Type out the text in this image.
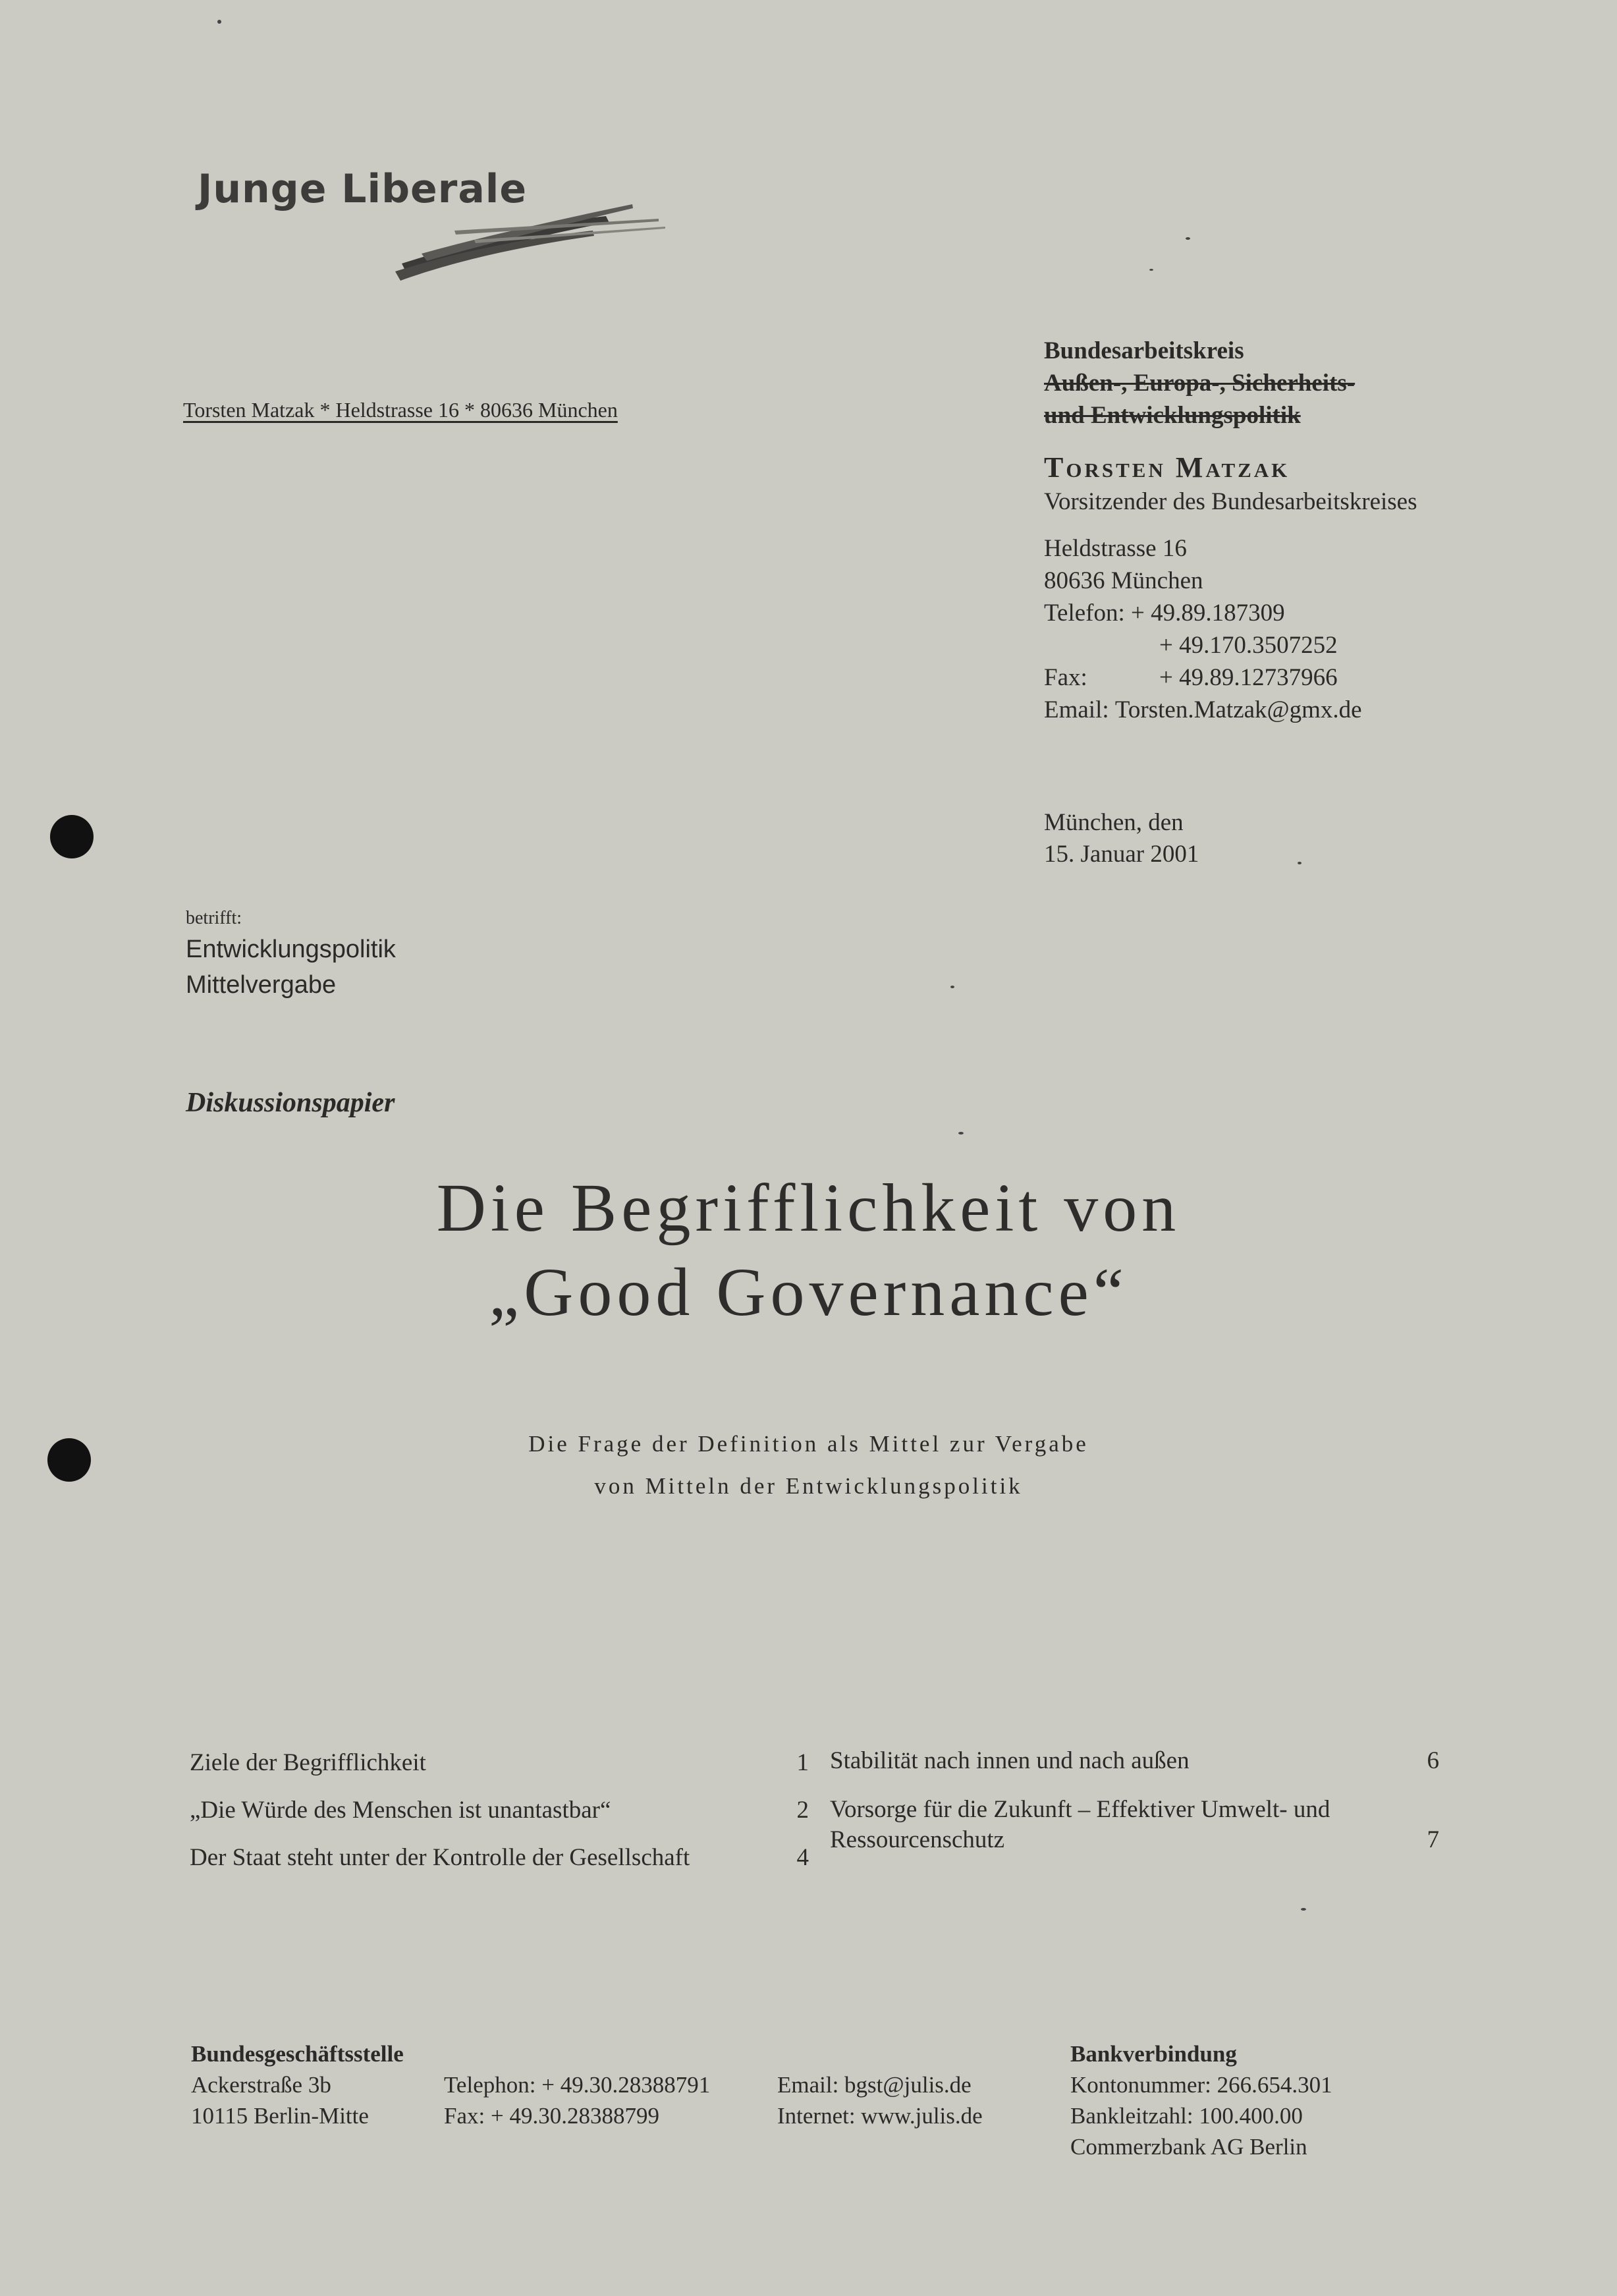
Junge Liberale
Torsten Matzak * Heldstrasse 16 * 80636 München
Bundesarbeitskreis
Außen-, Europa-, Sicherheits-
und Entwicklungspolitik
Torsten Matzak
Vorsitzender des Bundesarbeitskreises
Heldstrasse 16
80636 München
Telefon:
+ 49.89.187309
+ 49.170.3507252
Fax:	+ 49.89.12737966
Email:
Torsten.Matzak@gmx.de
München, den
15. Januar 2001
betrifft:
Entwicklungspolitik
Mittelvergabe
Diskussionspapier
Die Begrifflichkeit von
„Good Governance“
Die Frage der Definition als Mittel zur Vergabe
von Mitteln der Entwicklungspolitik
Ziele der Begrifflichkeit	1
„Die Würde des Menschen ist unantastbar“	2
Der Staat steht unter der Kontrolle der Gesellschaft	4
Stabilität nach innen und nach außen	6
Vorsorge für die Zukunft – Effektiver Umwelt- und
Ressourcenschutz	7
Bundesgeschäftsstelle
Ackerstraße 3b
10115 Berlin-Mitte
Telephon: + 49.30.28388791
Fax: + 49.30.28388799
Email: bgst@julis.de
Internet: www.julis.de
Bankverbindung
Kontonummer: 266.654.301
Bankleitzahl: 100.400.00
Commerzbank AG Berlin
